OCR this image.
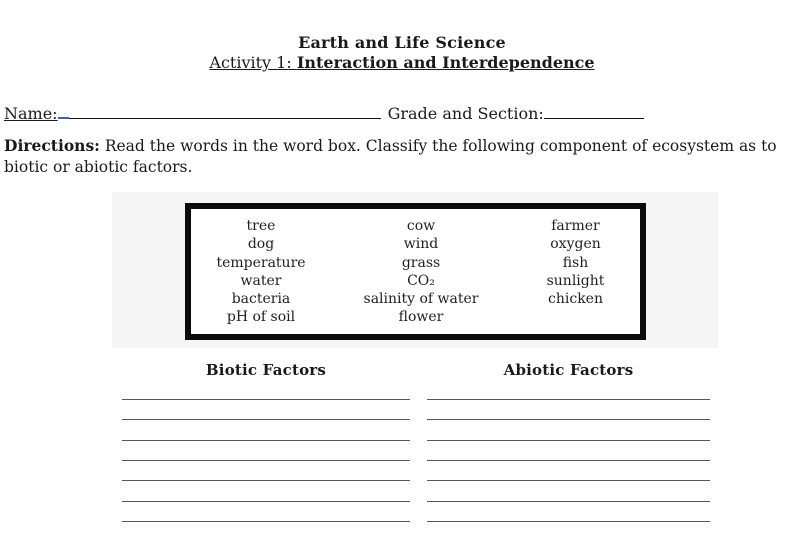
Earth and Life Science
Activity 1: Interaction and Interdependence
Name:	Grade and Section:
Directions: Read the words in the word box. Classify the following component of ecosystem as to
biotic or abiotic factors.
tree
dog
temperature
water
bacteria
pH of soil
cow
wind
grass
CO₂
salinity of water
flower
farmer
oxygen
fish
sunlight
chicken
Biotic Factors	Abiotic Factors
